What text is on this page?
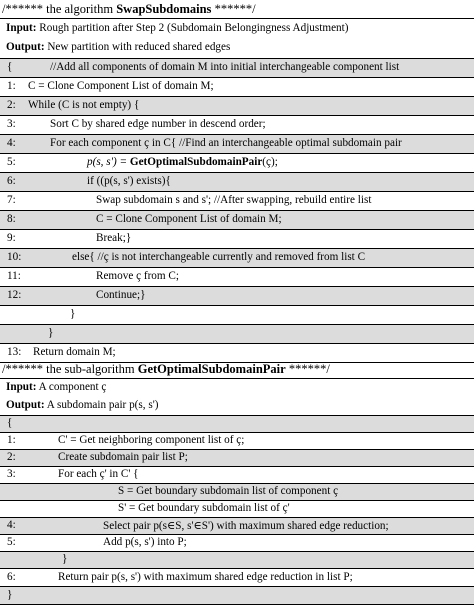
/****** the algorithm SwapSubdomains ******/
Input: Rough partition after Step 2 (Subdomain Belongingness Adjustment)
Output: New partition with reduced shared edges
{	//Add all components of domain M into initial interchangeable component list
1: C = Clone Component List of domain M;
2: While (C is not empty) {
3:	Sort C by shared edge number in descend order;
4:	For each component ç in C{ //Find an interchangeable optimal subdomain pair
5:	p(s, s') = GetOptimalSubdomainPair(ç);
6:	if ((p(s, s') exists){
7:	Swap subdomain s and s'; //After swapping, rebuild entire list
8:	C = Clone Component List of domain M;
9:	Break;}
10:	else{ //ç is not interchangeable currently and removed from list C
11:	Remove ç from C;
12:	Continue;}
}
}
13: Return domain M;
/****** the sub-algorithm GetOptimalSubdomainPair ******/
Input: A component ç
Output: A subdomain pair p(s, s')
{
1:	C' = Get neighboring component list of ç;
2:	Create subdomain pair list P;
3:	For each ç' in C' {
S = Get boundary subdomain list of component ç
S' = Get boundary subdomain list of ç'
4:	Select pair p(s∈S, s'∈S') with maximum shared edge reduction;
5:	Add p(s, s') into P;
}
6:	Return pair p(s, s') with maximum shared edge reduction in list P;
}
